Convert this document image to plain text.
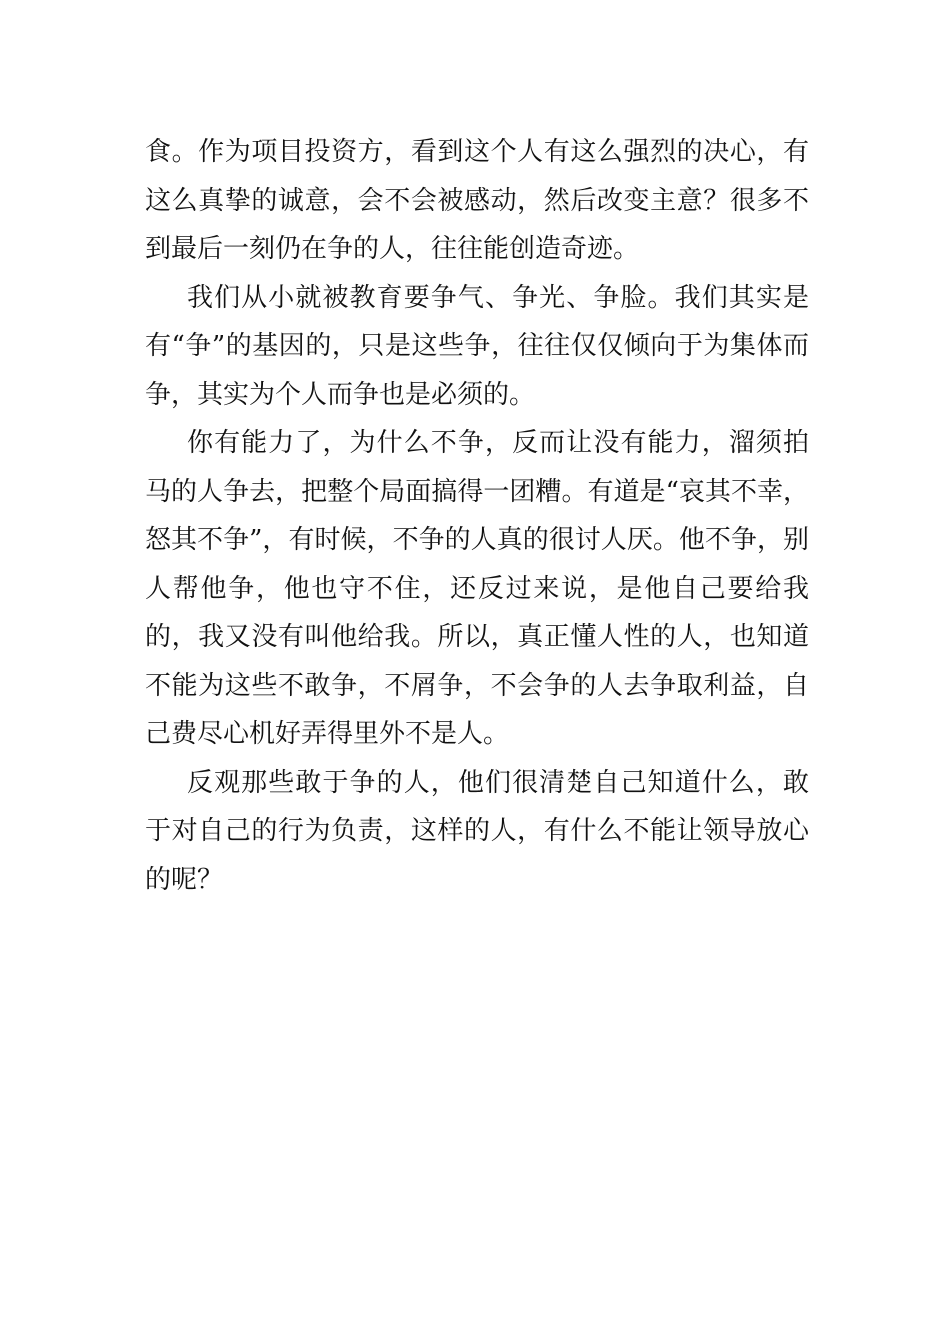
食。作为项目投资方，看到这个人有这么强烈的决心，有这么真挚的诚意，会不会被感动，然后改变主意？很多不到最后一刻仍在争的人，往往能创造奇迹。

我们从小就被教育要争气、争光、争脸。我们其实是有“争”的基因的，只是这些争，往往仅仅倾向于为集体而争，其实为个人而争也是必须的。

你有能力了，为什么不争，反而让没有能力，溜须拍马的人争去，把整个局面搞得一团糟。有道是“哀其不幸，怒其不争”，有时候，不争的人真的很讨人厌。他不争，别人帮他争，他也守不住，还反过来说，是他自己要给我的，我又没有叫他给我。所以，真正懂人性的人，也知道不能为这些不敢争，不屑争，不会争的人去争取利益，自己费尽心机好弄得里外不是人。

反观那些敢于争的人，他们很清楚自己知道什么，敢于对自己的行为负责，这样的人，有什么不能让领导放心的呢？
